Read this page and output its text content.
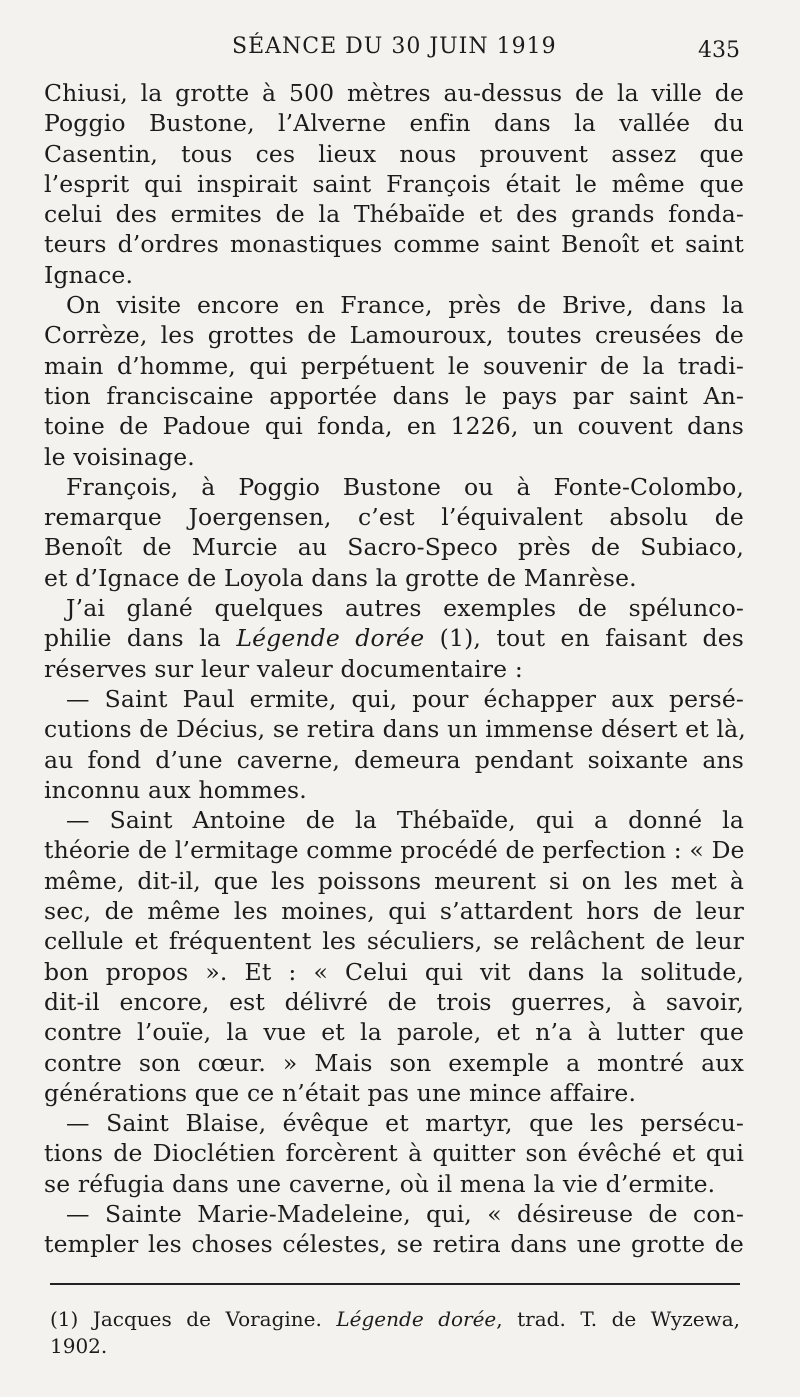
SÉANCE DU 30 JUIN 1919	435
Chiusi, la grotte à 500 mètres au-dessus de la ville de
Poggio Bustone, l’Alverne enfin dans la vallée du
Casentin, tous ces lieux nous prouvent assez que
l’esprit qui inspirait saint François était le même que
celui des ermites de la Thébaïde et des grands fonda-
teurs d’ordres monastiques comme saint Benoît et saint
Ignace.
On visite encore en France, près de Brive, dans la
Corrèze, les grottes de Lamouroux, toutes creusées de
main d’homme, qui perpétuent le souvenir de la tradi-
tion franciscaine apportée dans le pays par saint An-
toine de Padoue qui fonda, en 1226, un couvent dans
le voisinage.
François, à Poggio Bustone ou à Fonte-Colombo,
remarque Joergensen, c’est l’équivalent absolu de
Benoît de Murcie au Sacro-Speco près de Subiaco,
et d’Ignace de Loyola dans la grotte de Manrèse.
J’ai glané quelques autres exemples de spélunco-
philie dans la Légende dorée (1), tout en faisant des
réserves sur leur valeur documentaire :
— Saint Paul ermite, qui, pour échapper aux persé-
cutions de Décius, se retira dans un immense désert et là,
au fond d’une caverne, demeura pendant soixante ans
inconnu aux hommes.
— Saint Antoine de la Thébaïde, qui a donné la
théorie de l’ermitage comme procédé de perfection : « De
même, dit-il, que les poissons meurent si on les met à
sec, de même les moines, qui s’attardent hors de leur
cellule et fréquentent les séculiers, se relâchent de leur
bon propos ». Et : « Celui qui vit dans la solitude,
dit-il encore, est délivré de trois guerres, à savoir,
contre l’ouïe, la vue et la parole, et n’a à lutter que
contre son cœur. » Mais son exemple a montré aux
générations que ce n’était pas une mince affaire.
— Saint Blaise, évêque et martyr, que les persécu-
tions de Dioclétien forcèrent à quitter son évêché et qui
se réfugia dans une caverne, où il mena la vie d’ermite.
— Sainte Marie-Madeleine, qui, « désireuse de con-
templer les choses célestes, se retira dans une grotte de
(1) Jacques de Voragine. Légende dorée, trad. T. de Wyzewa,
1902.
